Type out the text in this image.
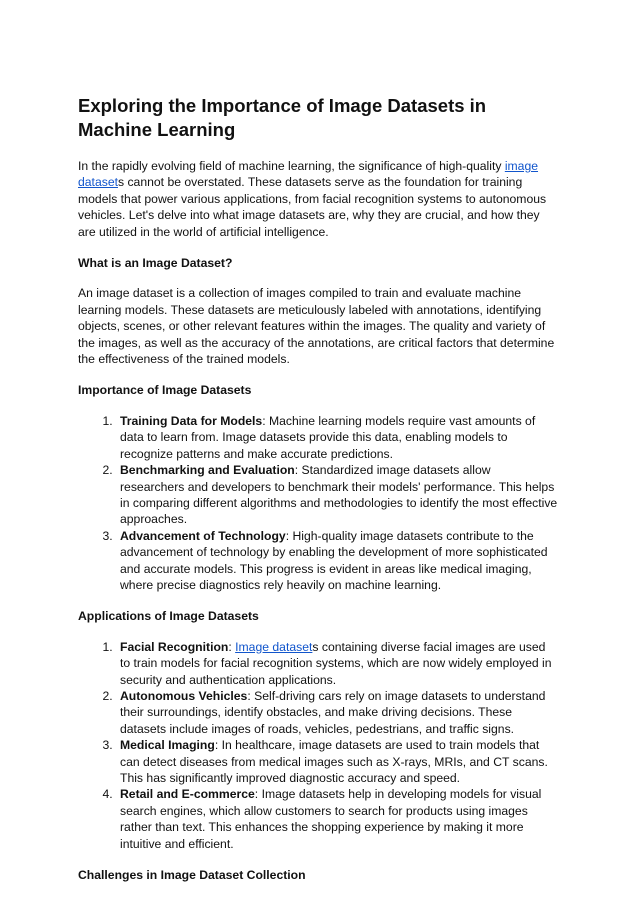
Exploring the Importance of Image Datasets in Machine Learning

In the rapidly evolving field of machine learning, the significance of high-quality image datasets cannot be overstated. These datasets serve as the foundation for training models that power various applications, from facial recognition systems to autonomous vehicles. Let's delve into what image datasets are, why they are crucial, and how they are utilized in the world of artificial intelligence.

What is an Image Dataset?

An image dataset is a collection of images compiled to train and evaluate machine learning models. These datasets are meticulously labeled with annotations, identifying objects, scenes, or other relevant features within the images. The quality and variety of the images, as well as the accuracy of the annotations, are critical factors that determine the effectiveness of the trained models.

Importance of Image Datasets
1. Training Data for Models: Machine learning models require vast amounts of data to learn from. Image datasets provide this data, enabling models to recognize patterns and make accurate predictions.
2. Benchmarking and Evaluation: Standardized image datasets allow researchers and developers to benchmark their models' performance. This helps in comparing different algorithms and methodologies to identify the most effective approaches.
3. Advancement of Technology: High-quality image datasets contribute to the advancement of technology by enabling the development of more sophisticated and accurate models. This progress is evident in areas like medical imaging, where precise diagnostics rely heavily on machine learning.
Applications of Image Datasets
1. Facial Recognition: Image datasets containing diverse facial images are used to train models for facial recognition systems, which are now widely employed in security and authentication applications.
2. Autonomous Vehicles: Self-driving cars rely on image datasets to understand their surroundings, identify obstacles, and make driving decisions. These datasets include images of roads, vehicles, pedestrians, and traffic signs.
3. Medical Imaging: In healthcare, image datasets are used to train models that can detect diseases from medical images such as X-rays, MRIs, and CT scans. This has significantly improved diagnostic accuracy and speed.
4. Retail and E-commerce: Image datasets help in developing models for visual search engines, which allow customers to search for products using images rather than text. This enhances the shopping experience by making it more intuitive and efficient.
Challenges in Image Dataset Collection
